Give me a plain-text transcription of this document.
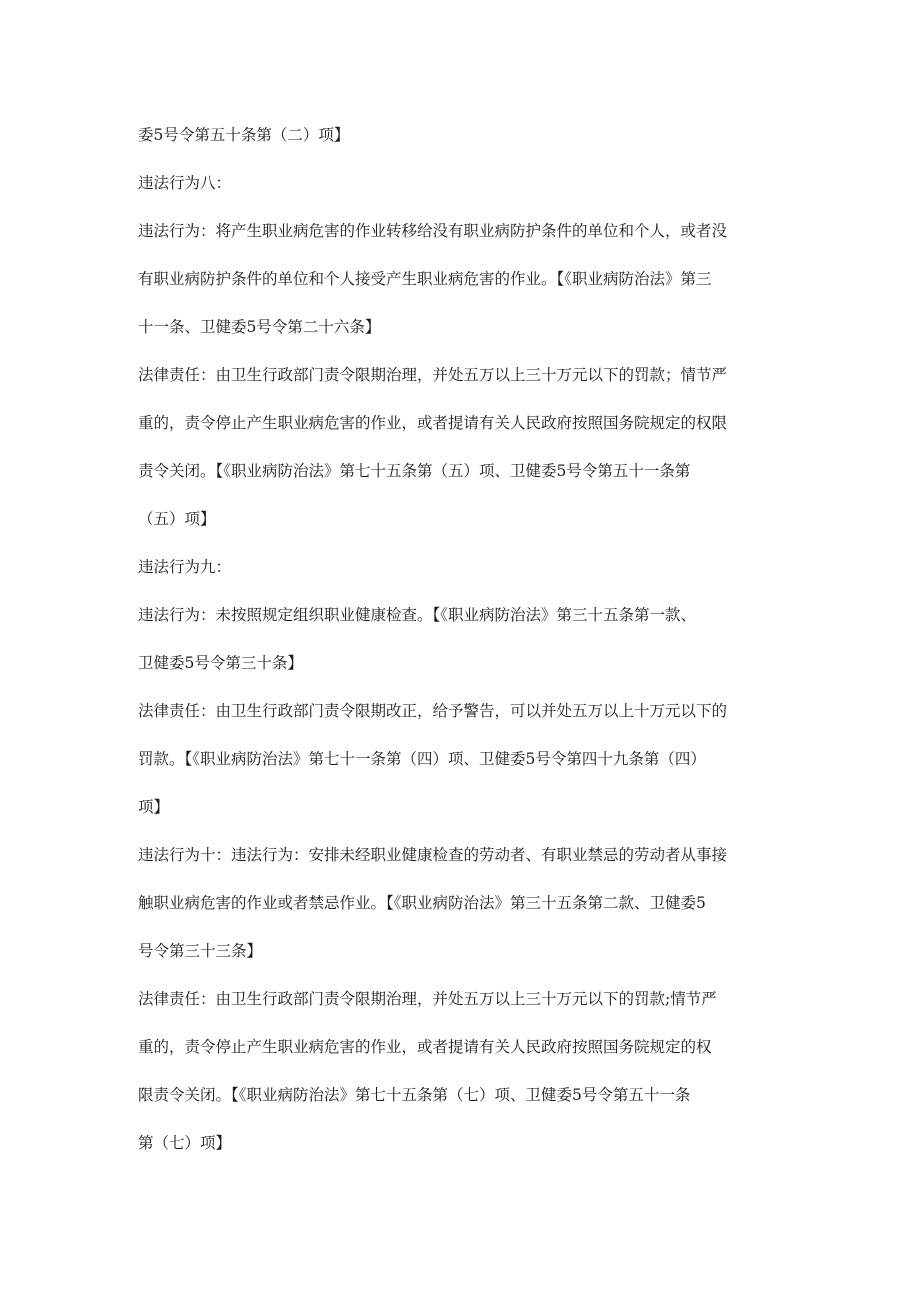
委5号令第五十条第（二）项】

违法行为八：

违法行为：将产生职业病危害的作业转移给没有职业病防护条件的单位和个人，或者没

有职业病防护条件的单位和个人接受产生职业病危害的作业。【《职业病防治法》第三

十一条、卫健委5号令第二十六条】

法律责任：由卫生行政部门责令限期治理，并处五万以上三十万元以下的罚款；情节严

重的，责令停止产生职业病危害的作业，或者提请有关人民政府按照国务院规定的权限

责令关闭。【《职业病防治法》第七十五条第（五）项、卫健委5号令第五十一条第

（五）项】

违法行为九：

违法行为：未按照规定组织职业健康检查。【《职业病防治法》第三十五条第一款、

卫健委5号令第三十条】

法律责任：由卫生行政部门责令限期改正，给予警告，可以并处五万以上十万元以下的

罚款。【《职业病防治法》第七十一条第（四）项、卫健委5号令第四十九条第（四）

项】

违法行为十：违法行为：安排未经职业健康检查的劳动者、有职业禁忌的劳动者从事接

触职业病危害的作业或者禁忌作业。【《职业病防治法》第三十五条第二款、卫健委5

号令第三十三条】

法律责任：由卫生行政部门责令限期治理，并处五万以上三十万元以下的罚款;情节严

重的，责令停止产生职业病危害的作业，或者提请有关人民政府按照国务院规定的权

限责令关闭。【《职业病防治法》第七十五条第（七）项、卫健委5号令第五十一条

第（七）项】
